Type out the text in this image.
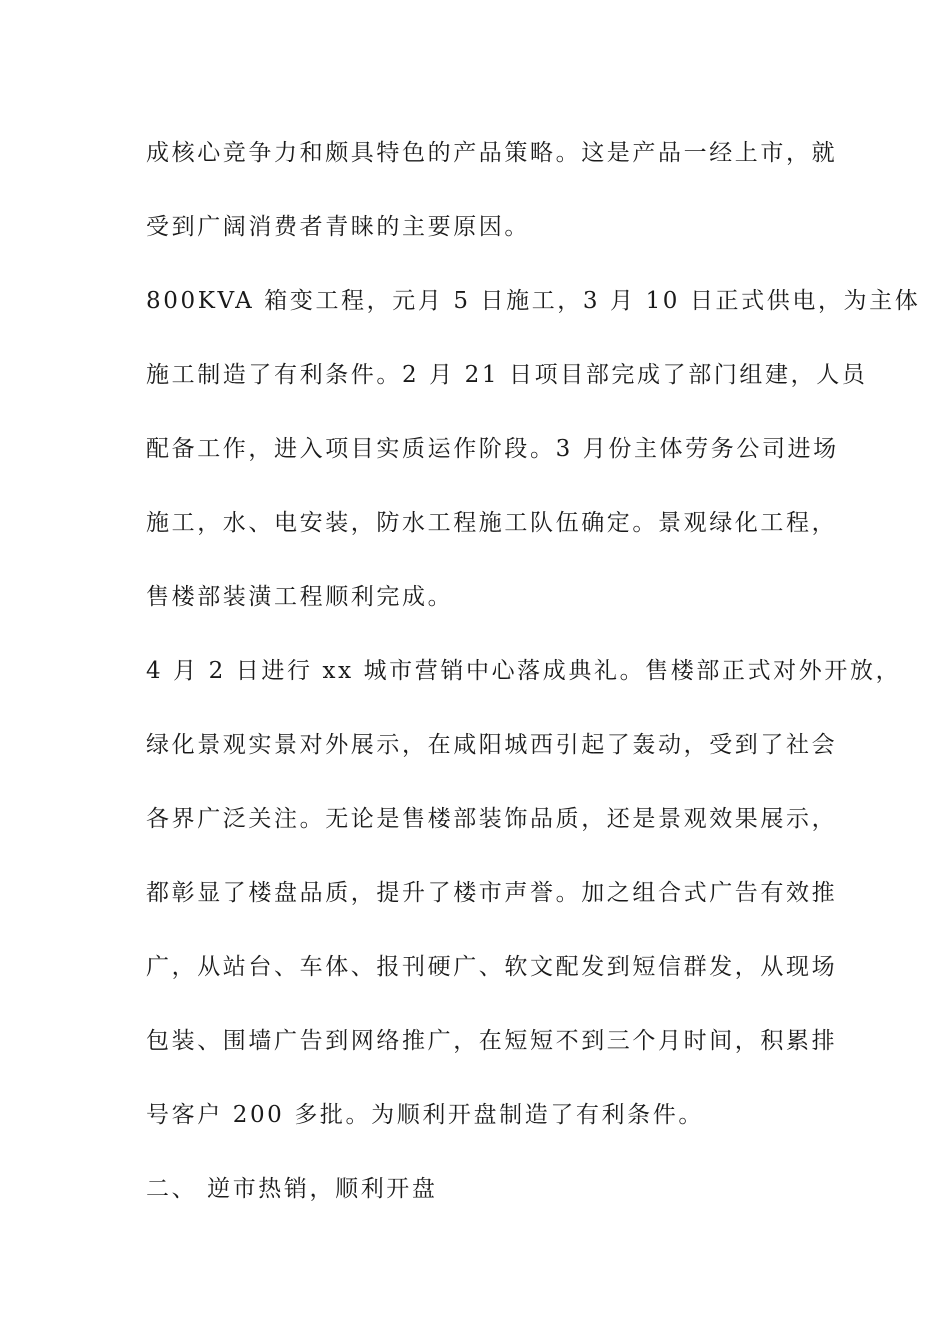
成核心竞争力和颇具特色的产品策略。这是产品一经上市，就
受到广阔消费者青睐的主要原因。
800KVA 箱变工程，元月 5 日施工，3 月 10 日正式供电，为主体
施工制造了有利条件。2 月 21 日项目部完成了部门组建，人员
配备工作，进入项目实质运作阶段。3 月份主体劳务公司进场
施工，水、电安装，防水工程施工队伍确定。景观绿化工程，
售楼部装潢工程顺利完成。
4 月 2 日进行 xx 城市营销中心落成典礼。售楼部正式对外开放，
绿化景观实景对外展示，在咸阳城西引起了轰动，受到了社会
各界广泛关注。无论是售楼部装饰品质，还是景观效果展示，
都彰显了楼盘品质，提升了楼市声誉。加之组合式广告有效推
广，从站台、车体、报刊硬广、软文配发到短信群发，从现场
包装、围墙广告到网络推广，在短短不到三个月时间，积累排
号客户 200 多批。为顺利开盘制造了有利条件。
二、 逆市热销，顺利开盘
